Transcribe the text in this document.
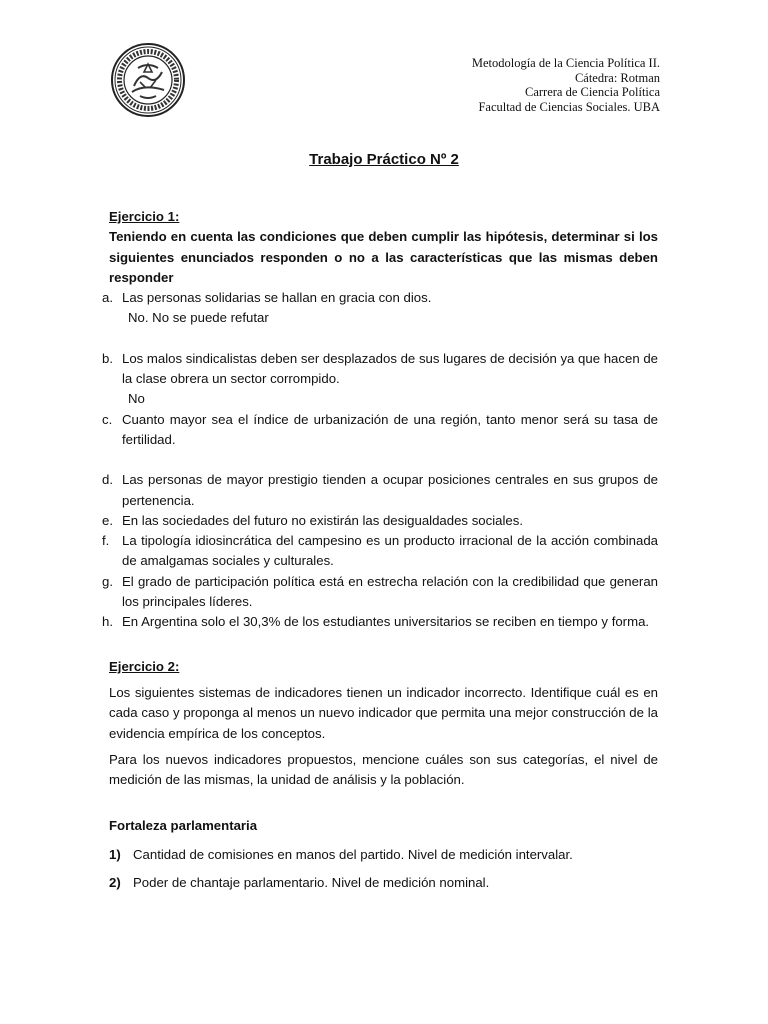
Metodología de la Ciencia Política II.
Cátedra: Rotman
Carrera de Ciencia Política
Facultad de Ciencias Sociales. UBA
Trabajo Práctico Nº 2
Ejercicio 1:
Teniendo en cuenta las condiciones que deben cumplir las hipótesis, determinar si los siguientes enunciados responden o no a las características que las mismas deben responder
a. Las personas solidarias se hallan en gracia con dios.
No. No se puede refutar
b. Los malos sindicalistas deben ser desplazados de sus lugares de decisión ya que hacen de la clase obrera un sector corrompido.
No
c. Cuanto mayor sea el índice de urbanización de una región, tanto menor será su tasa de fertilidad.
d. Las personas de mayor prestigio tienden a ocupar posiciones centrales en sus grupos de pertenencia.
e. En las sociedades del futuro no existirán las desigualdades sociales.
f. La tipología idiosincrática del campesino es un producto irracional de la acción combinada de amalgamas sociales y culturales.
g. El grado de participación política está en estrecha relación con la credibilidad que generan los principales líderes.
h. En Argentina solo el 30,3% de los estudiantes universitarios se reciben en tiempo y forma.
Ejercicio 2:
Los siguientes sistemas de indicadores tienen un indicador incorrecto. Identifique cuál es en cada caso y proponga al menos un nuevo indicador que permita una mejor construcción de la evidencia empírica de los conceptos.
Para los nuevos indicadores propuestos, mencione cuáles son sus categorías, el nivel de medición de las mismas, la unidad de análisis y la población.
Fortaleza parlamentaria
1) Cantidad de comisiones en manos del partido. Nivel de medición intervalar.
2) Poder de chantaje parlamentario. Nivel de medición nominal.
